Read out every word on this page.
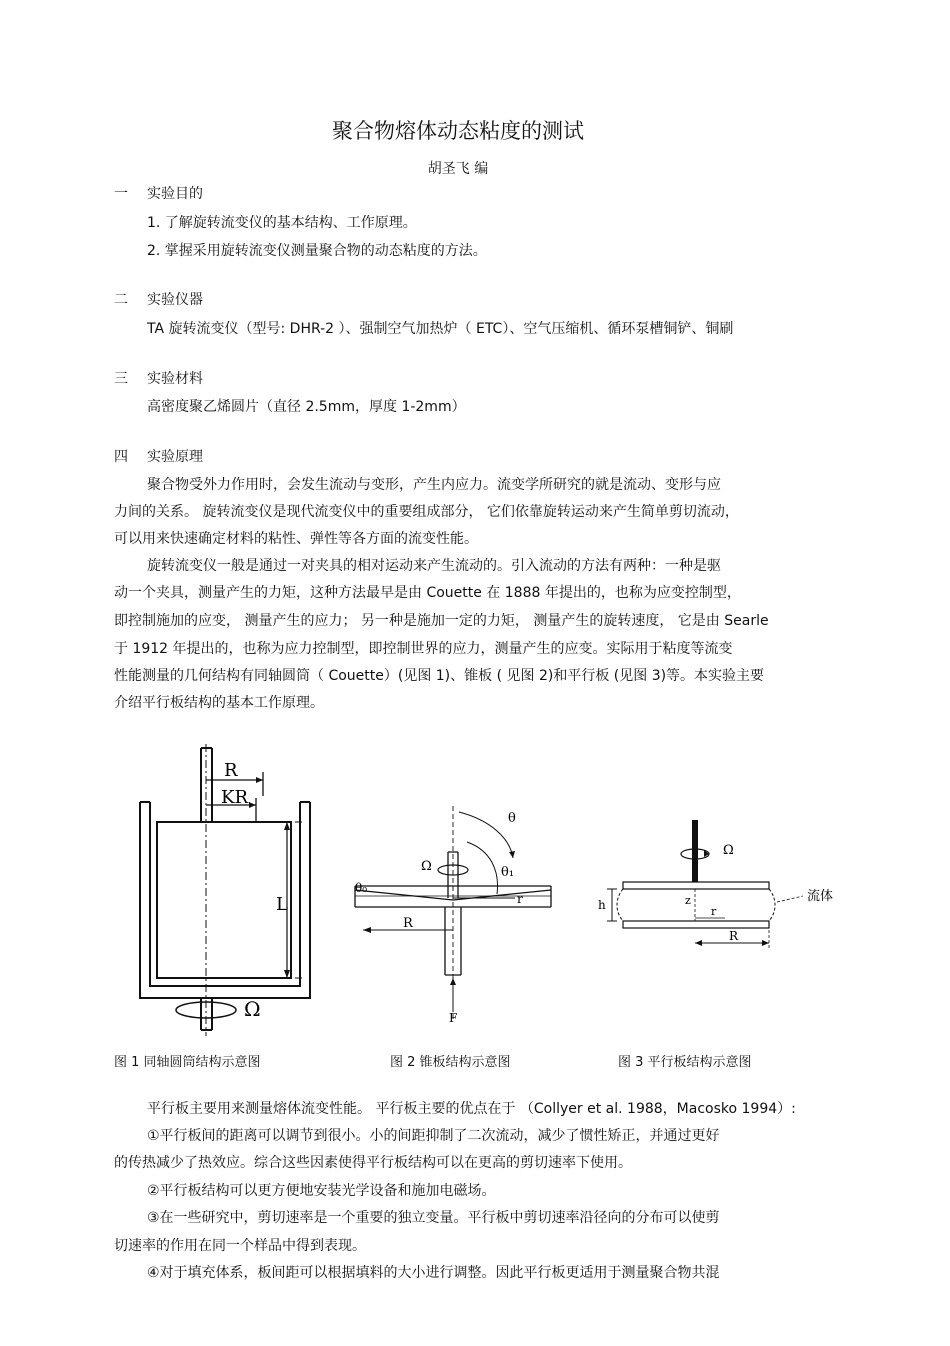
聚合物熔体动态粘度的测试
胡圣飞 编
一 实验目的
1. 了解旋转流变仪的基本结构、工作原理。
2. 掌握采用旋转流变仪测量聚合物的动态粘度的方法。
二 实验仪器
TA 旋转流变仪（型号: DHR-2 ）、强制空气加热炉（ ETC）、空气压缩机、循环泵槽铜铲、铜刷
三 实验材料
高密度聚乙烯圆片（直径 2.5mm，厚度 1-2mm）
四 实验原理
聚合物受外力作用时，会发生流动与变形，产生内应力。流变学所研究的就是流动、变形与应
力间的关系。 旋转流变仪是现代流变仪中的重要组成部分， 它们依靠旋转运动来产生简单剪切流动，
可以用来快速确定材料的粘性、弹性等各方面的流变性能。
旋转流变仪一般是通过一对夹具的相对运动来产生流动的。引入流动的方法有两种：一种是驱
动一个夹具，测量产生的力矩，这种方法最早是由 Couette 在 1888 年提出的，也称为应变控制型，
即控制施加的应变， 测量产生的应力； 另一种是施加一定的力矩， 测量产生的旋转速度， 它是由 Searle
于 1912 年提出的，也称为应力控制型，即控制世界的应力，测量产生的应变。实际用于粘度等流变
性能测量的几何结构有同轴圆筒（ Couette）(见图 1)、锥板 ( 见图 2)和平行板 (见图 3)等。本实验主要
介绍平行板结构的基本工作原理。
R
KR
L
Ω
图 1 同轴圆筒结构示意图
θ
θ₁
θ₀
Ω
r
R
F
图 2 锥板结构示意图
Ω
h	z
r
R
流体
图 3 平行板结构示意图
平行板主要用来测量熔体流变性能。 平行板主要的优点在于 （Collyer et al. 1988，Macosko 1994）:
①平行板间的距离可以调节到很小。小的间距抑制了二次流动，减少了惯性矫正，并通过更好
的传热减少了热效应。综合这些因素使得平行板结构可以在更高的剪切速率下使用。
②平行板结构可以更方便地安装光学设备和施加电磁场。
③在一些研究中，剪切速率是一个重要的独立变量。平行板中剪切速率沿径向的分布可以使剪
切速率的作用在同一个样品中得到表现。
④对于填充体系，板间距可以根据填料的大小进行调整。因此平行板更适用于测量聚合物共混
